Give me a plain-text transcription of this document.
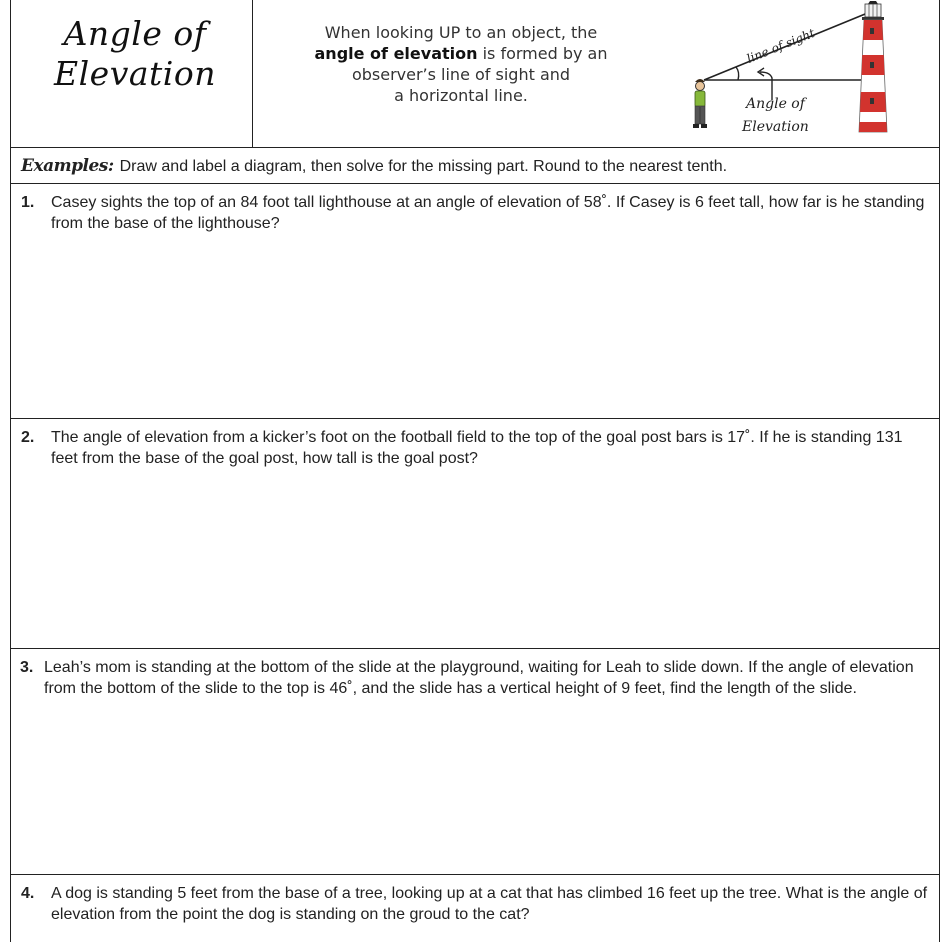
Angle of
Elevation
When looking UP to an object, the
angle of elevation is formed by an
observer’s line of sight and
a horizontal line.
line of sight
Angle of
Elevation
Examples: Draw and label a diagram, then solve for the missing part. Round to the nearest tenth.
1. Casey sights the top of an 84 foot tall lighthouse at an angle of elevation of 58˚. If Casey is 6 feet tall, how far is he standing from the base of the lighthouse?
2. The angle of elevation from a kicker’s foot on the football field to the top of the goal post bars is 17˚. If he is standing 131 feet from the base of the goal post, how tall is the goal post?
3. Leah’s mom is standing at the bottom of the slide at the playground, waiting for Leah to slide down. If the angle of elevation from the bottom of the slide to the top is 46˚, and the slide has a vertical height of 9 feet, find the length of the slide.
4. A dog is standing 5 feet from the base of a tree, looking up at a cat that has climbed 16 feet up the tree. What is the angle of elevation from the point the dog is standing on the groud to the cat?
